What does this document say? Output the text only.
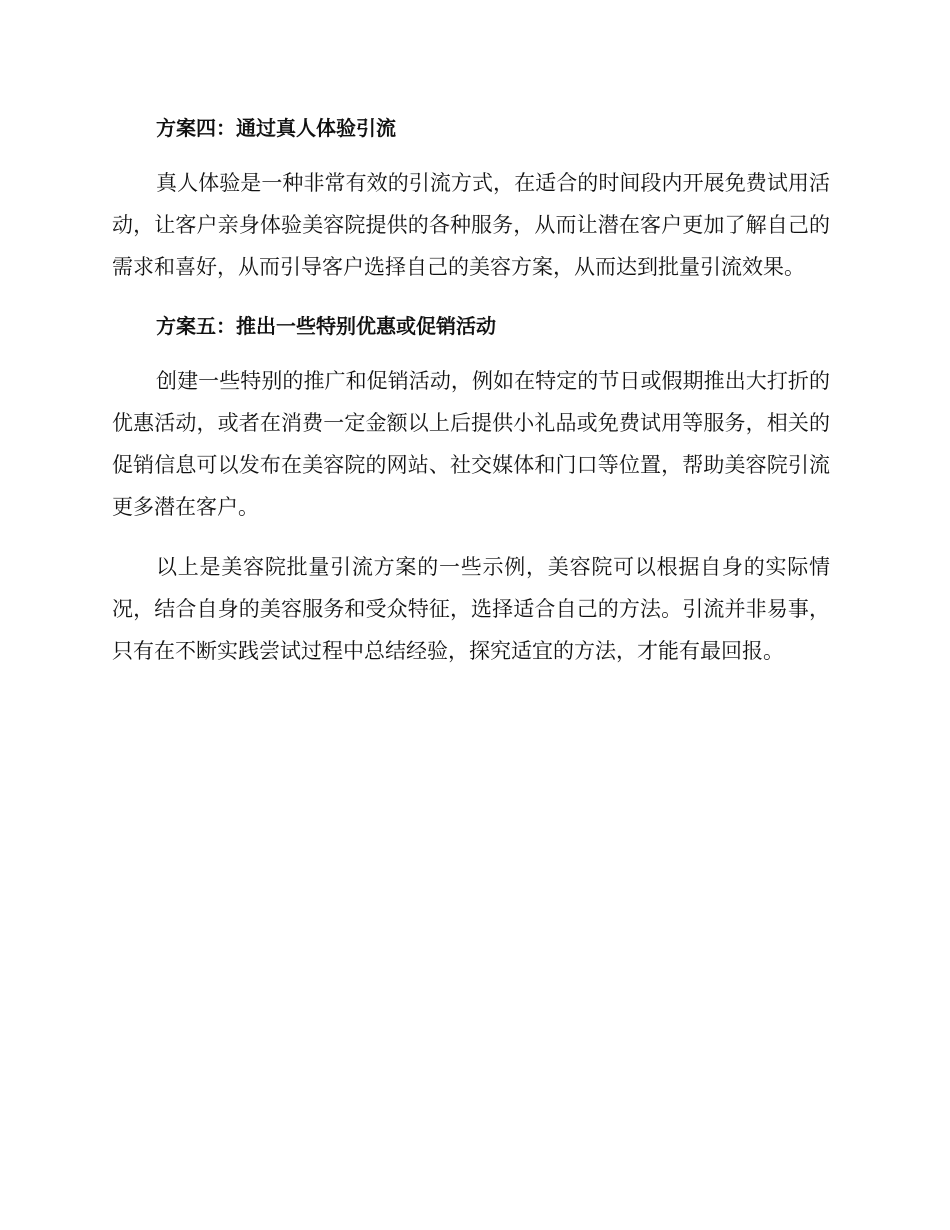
方案四：通过真人体验引流

真人体验是一种非常有效的引流方式，在适合的时间段内开展免费试用活动，让客户亲身体验美容院提供的各种服务，从而让潜在客户更加了解自己的需求和喜好，从而引导客户选择自己的美容方案，从而达到批量引流效果。

方案五：推出一些特别优惠或促销活动

创建一些特别的推广和促销活动，例如在特定的节日或假期推出大打折的优惠活动，或者在消费一定金额以上后提供小礼品或免费试用等服务，相关的促销信息可以发布在美容院的网站、社交媒体和门口等位置，帮助美容院引流更多潜在客户。

以上是美容院批量引流方案的一些示例，美容院可以根据自身的实际情况，结合自身的美容服务和受众特征，选择适合自己的方法。引流并非易事，只有在不断实践尝试过程中总结经验，探究适宜的方法，才能有最回报。
